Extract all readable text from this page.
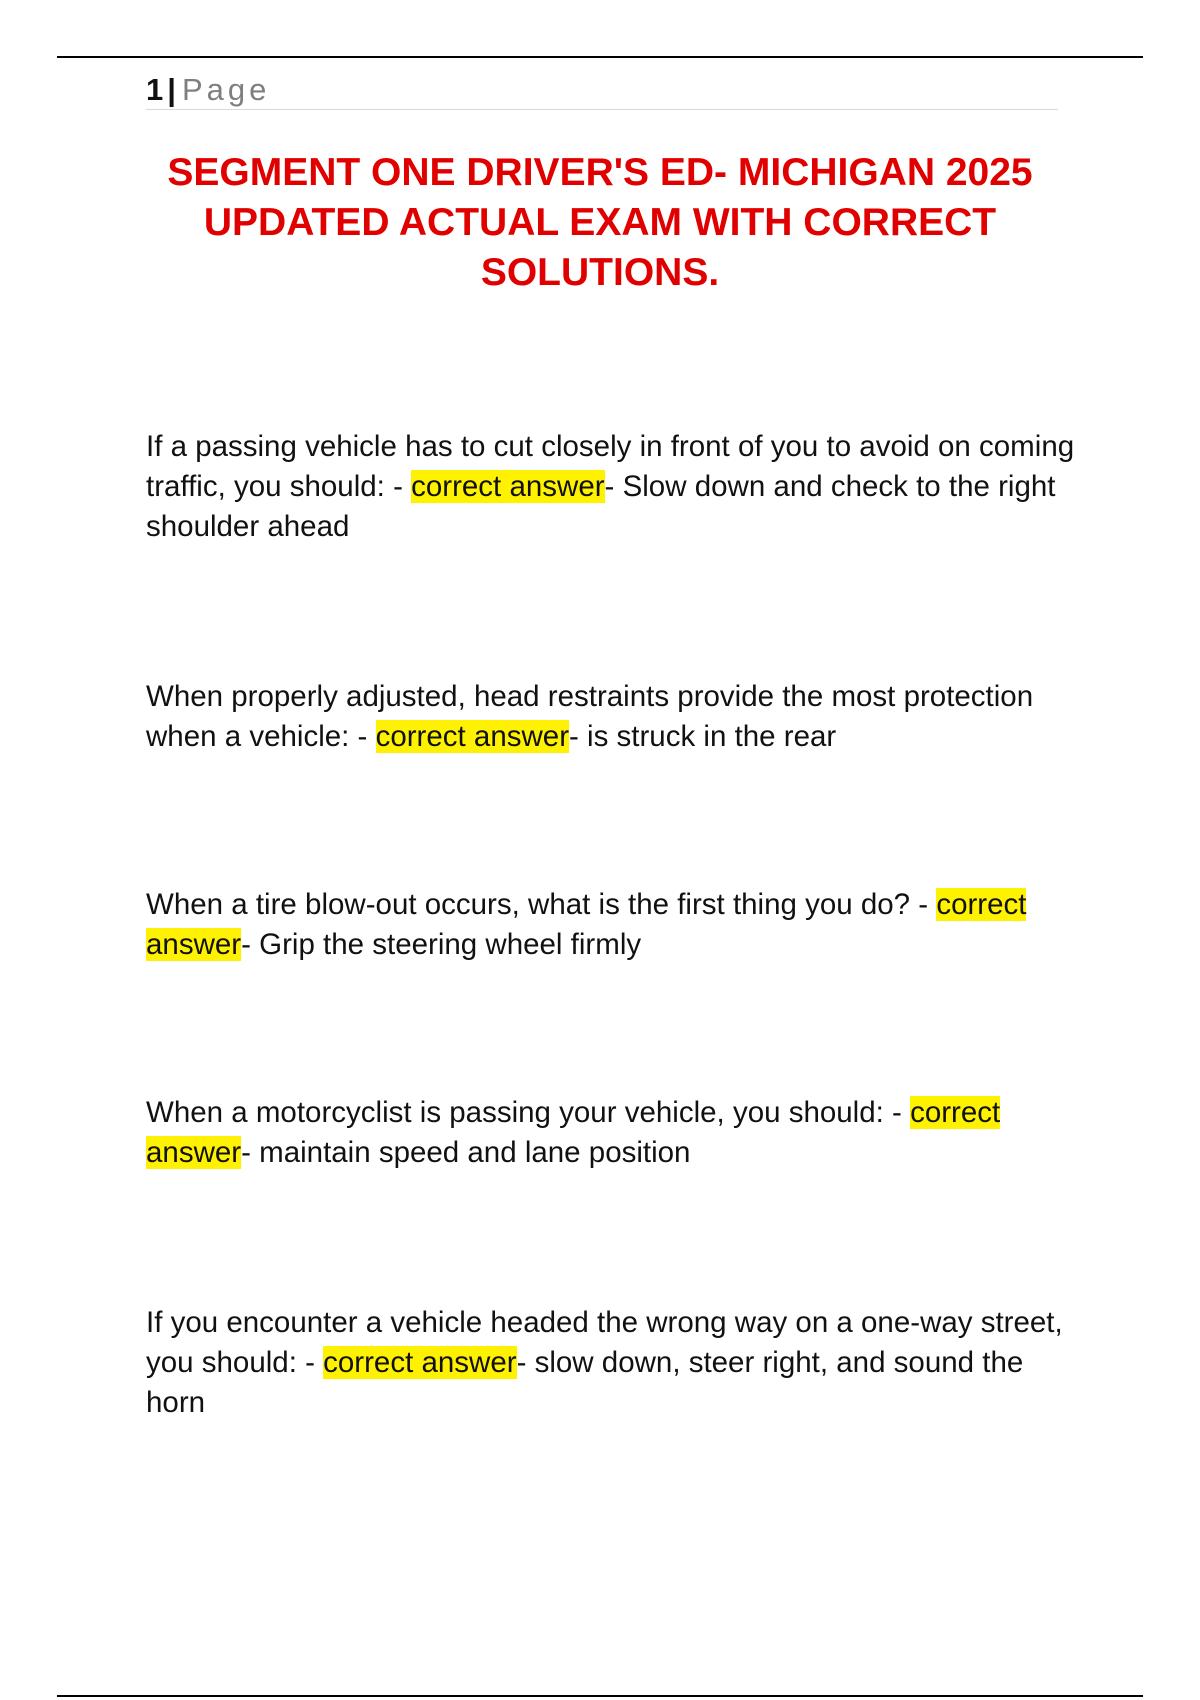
1 | Page
SEGMENT ONE DRIVER'S ED- MICHIGAN 2025 UPDATED ACTUAL EXAM WITH CORRECT SOLUTIONS.

If a passing vehicle has to cut closely in front of you to avoid on coming traffic, you should: - correct answer- Slow down and check to the right shoulder ahead

When properly adjusted, head restraints provide the most protection when a vehicle: - correct answer- is struck in the rear

When a tire blow-out occurs, what is the first thing you do? - correct answer- Grip the steering wheel firmly

When a motorcyclist is passing your vehicle, you should: - correct answer- maintain speed and lane position

If you encounter a vehicle headed the wrong way on a one-way street, you should: - correct answer- slow down, steer right, and sound the horn
